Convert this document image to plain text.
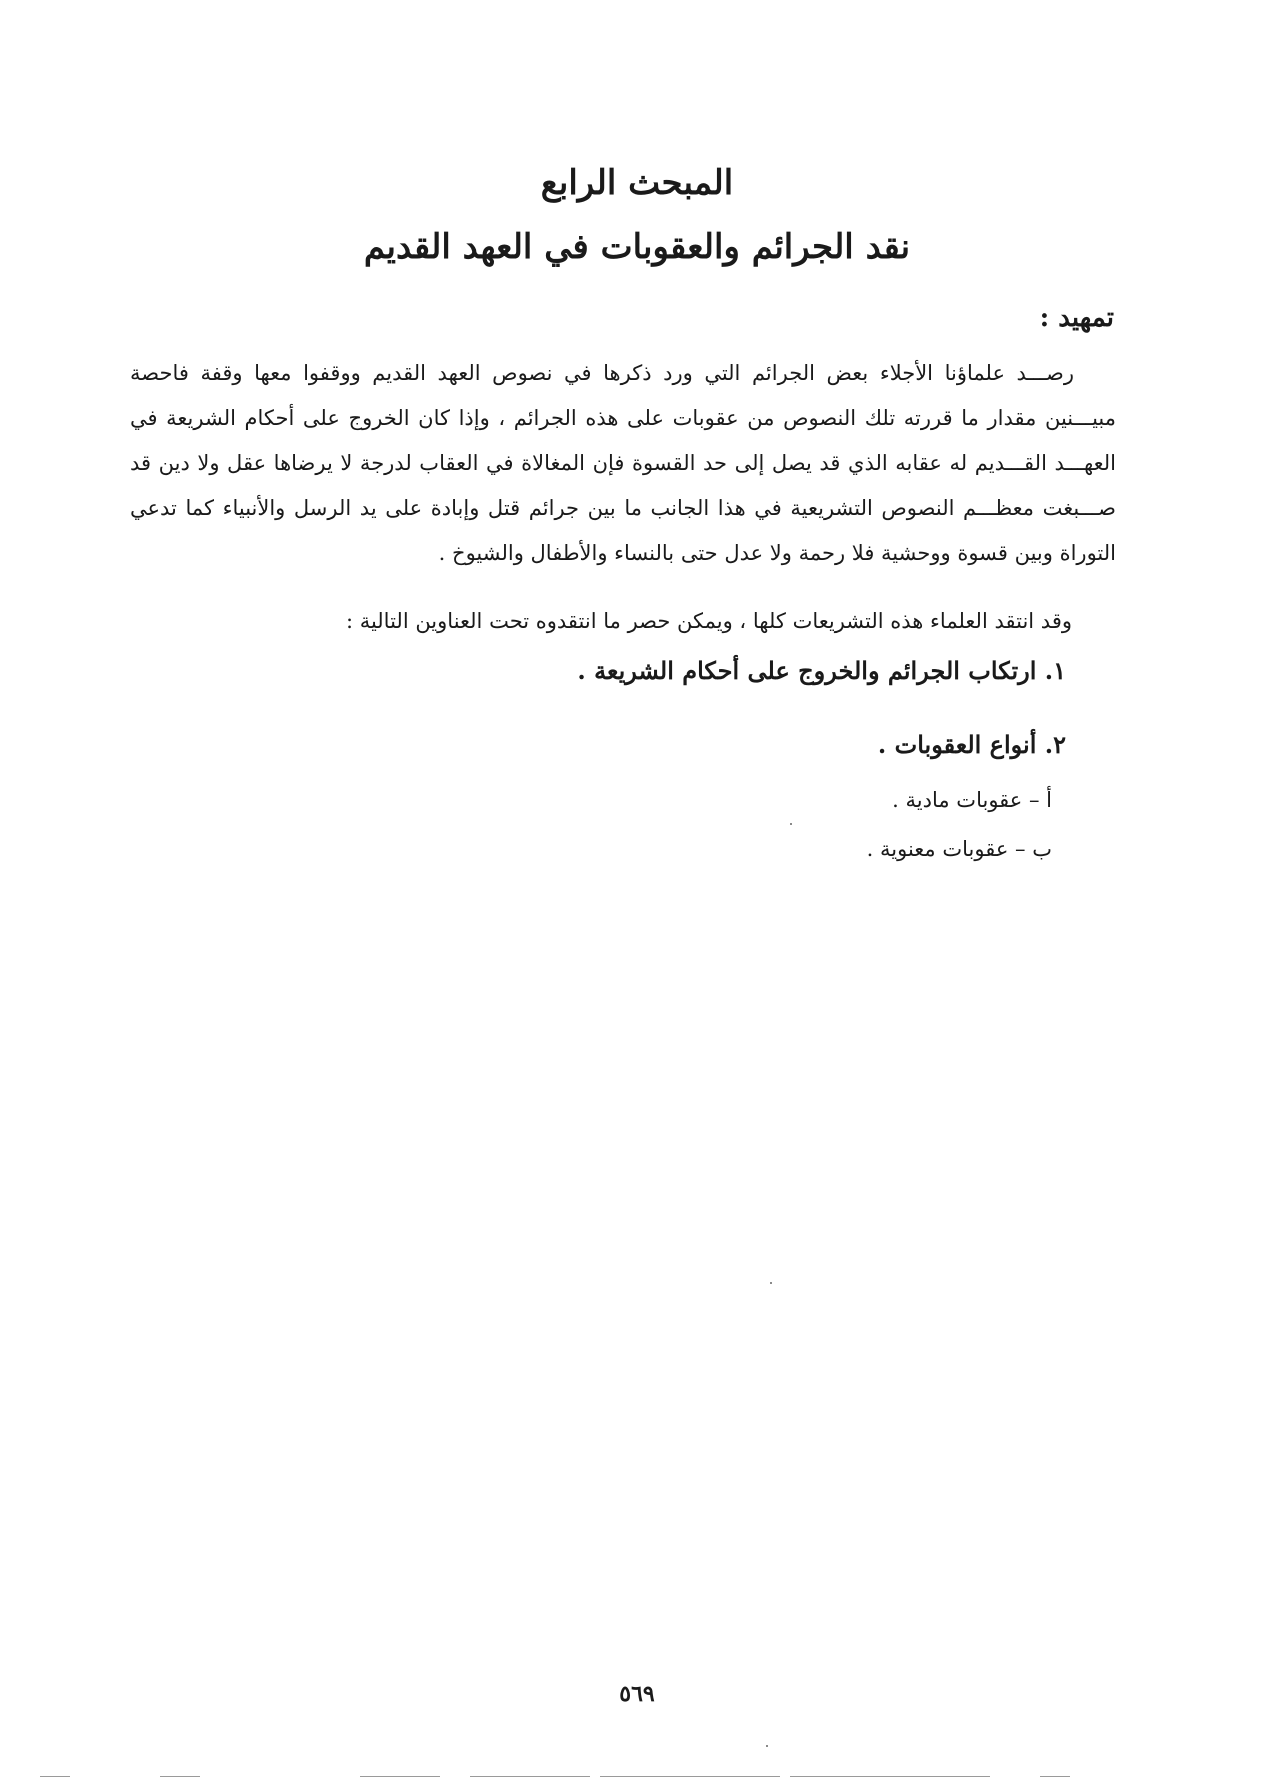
المبحث الرابع
نقد الجرائم والعقوبات في العهد القديم
تمهيد :
رصـــد علماؤنا الأجلاء بعض الجرائم التي ورد ذكرها في نصوص العهد القديم ووقفوا معها وقفة فاحصة مبيـــنين مقدار ما قررته تلك النصوص من عقوبات على هذه الجرائم ، وإذا كان الخروج على أحكام الشريعة في العهـــد القـــديم له عقابه الذي قد يصل إلى حد القسوة فإن المغالاة في العقاب لدرجة لا يرضاها عقل ولا دين قد صـــبغت معظـــم النصوص التشريعية في هذا الجانب ما بين جرائم قتل وإبادة على يد الرسل والأنبياء كما تدعي التوراة وبين قسوة ووحشية فلا رحمة ولا عدل حتى بالنساء والأطفال والشيوخ .
وقد انتقد العلماء هذه التشريعات كلها ، ويمكن حصر ما انتقدوه تحت العناوين التالية :
١. ارتكاب الجرائم والخروج على أحكام الشريعة .
٢. أنواع العقوبات .
أ – عقوبات مادية .
ب – عقوبات معنوية .
٥٦٩
